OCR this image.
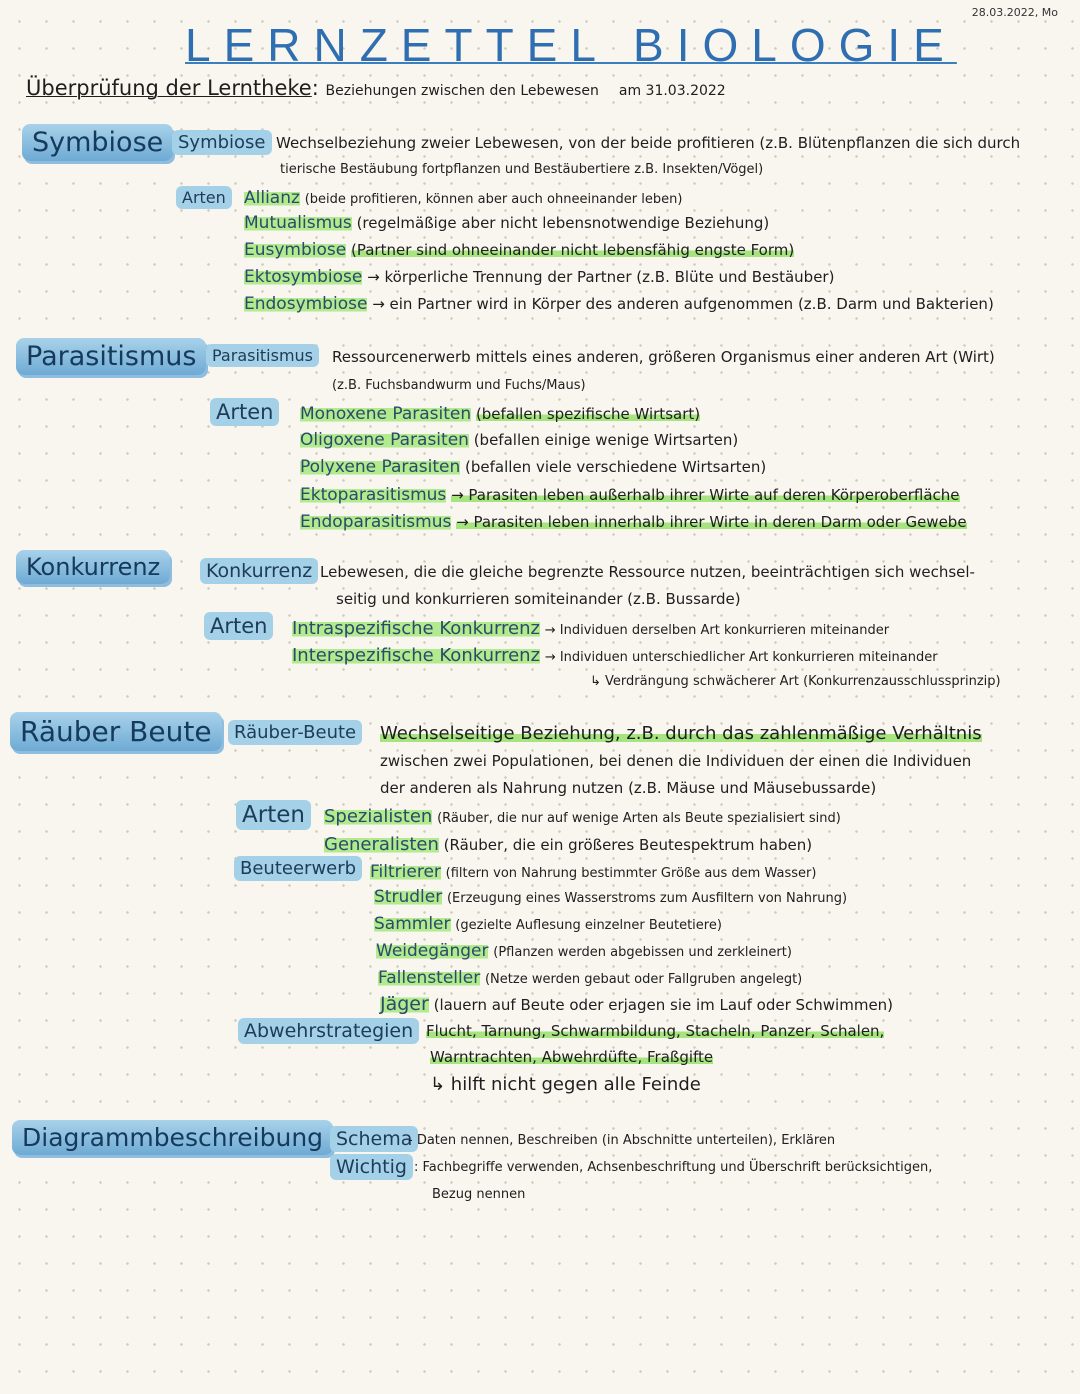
28.03.2022, Mo
LERNZETTEL BIOLOGIE
Überprüfung der Lerntheke: Beziehungen zwischen den Lebewesen am 31.03.2022
Symbiose Symbiose Wechselbeziehung zweier Lebewesen, von der beide profitieren (z.B. Blütenpflanzen die sich durch
tierische Bestäubung fortpflanzen und Bestäubertiere z.B. Insekten/Vögel)
Arten	Allianz (beide profitieren, können aber auch ohneeinander leben)
Mutualismus (regelmäßige aber nicht lebensnotwendige Beziehung)
Eusymbiose (Partner sind ohneeinander nicht lebensfähig engste Form)
Ektosymbiose → körperliche Trennung der Partner (z.B. Blüte und Bestäuber)
Endosymbiose → ein Partner wird in Körper des anderen aufgenommen (z.B. Darm und Bakterien)
Parasitismus Parasitismus	Ressourcenerwerb mittels eines anderen, größeren Organismus einer anderen Art (Wirt)
(z.B. Fuchsbandwurm und Fuchs/Maus)
Arten	Monoxene Parasiten (befallen spezifische Wirtsart)
Oligoxene Parasiten (befallen einige wenige Wirtsarten)
Polyxene Parasiten (befallen viele verschiedene Wirtsarten)
Ektoparasitismus → Parasiten leben außerhalb ihrer Wirte auf deren Körperoberfläche
Endoparasitismus → Parasiten leben innerhalb ihrer Wirte in deren Darm oder Gewebe
Konkurrenz	Konkurrenz Lebewesen, die die gleiche begrenzte Ressource nutzen, beeinträchtigen sich wechsel-
seitig und konkurrieren somiteinander (z.B. Bussarde)
Arten	Intraspezifische Konkurrenz → Individuen derselben Art konkurrieren miteinander
Interspezifische Konkurrenz → Individuen unterschiedlicher Art konkurrieren miteinander
↳ Verdrängung schwächerer Art (Konkurrenzausschlussprinzip)
Räuber Beute	Räuber-Beute	Wechselseitige Beziehung, z.B. durch das zahlenmäßige Verhältnis
zwischen zwei Populationen, bei denen die Individuen der einen die Individuen
der anderen als Nahrung nutzen (z.B. Mäuse und Mäusebussarde)
Arten	Spezialisten (Räuber, die nur auf wenige Arten als Beute spezialisiert sind)
Generalisten (Räuber, die ein größeres Beutespektrum haben)
Beuteerwerb Filtrierer (filtern von Nahrung bestimmter Größe aus dem Wasser)
Strudler (Erzeugung eines Wasserstroms zum Ausfiltern von Nahrung)
Sammler (gezielte Auflesung einzelner Beutetiere)
Weidegänger (Pflanzen werden abgebissen und zerkleinert)
Fallensteller (Netze werden gebaut oder Fallgruben angelegt)
Jäger (lauern auf Beute oder erjagen sie im Lauf oder Schwimmen)
Abwehrstrategien Flucht, Tarnung, Schwarmbildung, Stacheln, Panzer, Schalen,
Warntrachten, Abwehrdüfte, Fraßgifte
↳ hilft nicht gegen alle Feinde
Diagrammbeschreibung Schema
- Daten nennen, Beschreiben (in Abschnitte unterteilen), Erklären
Wichtig : Fachbegriffe verwenden, Achsenbeschriftung und Überschrift berücksichtigen,
Bezug nennen
